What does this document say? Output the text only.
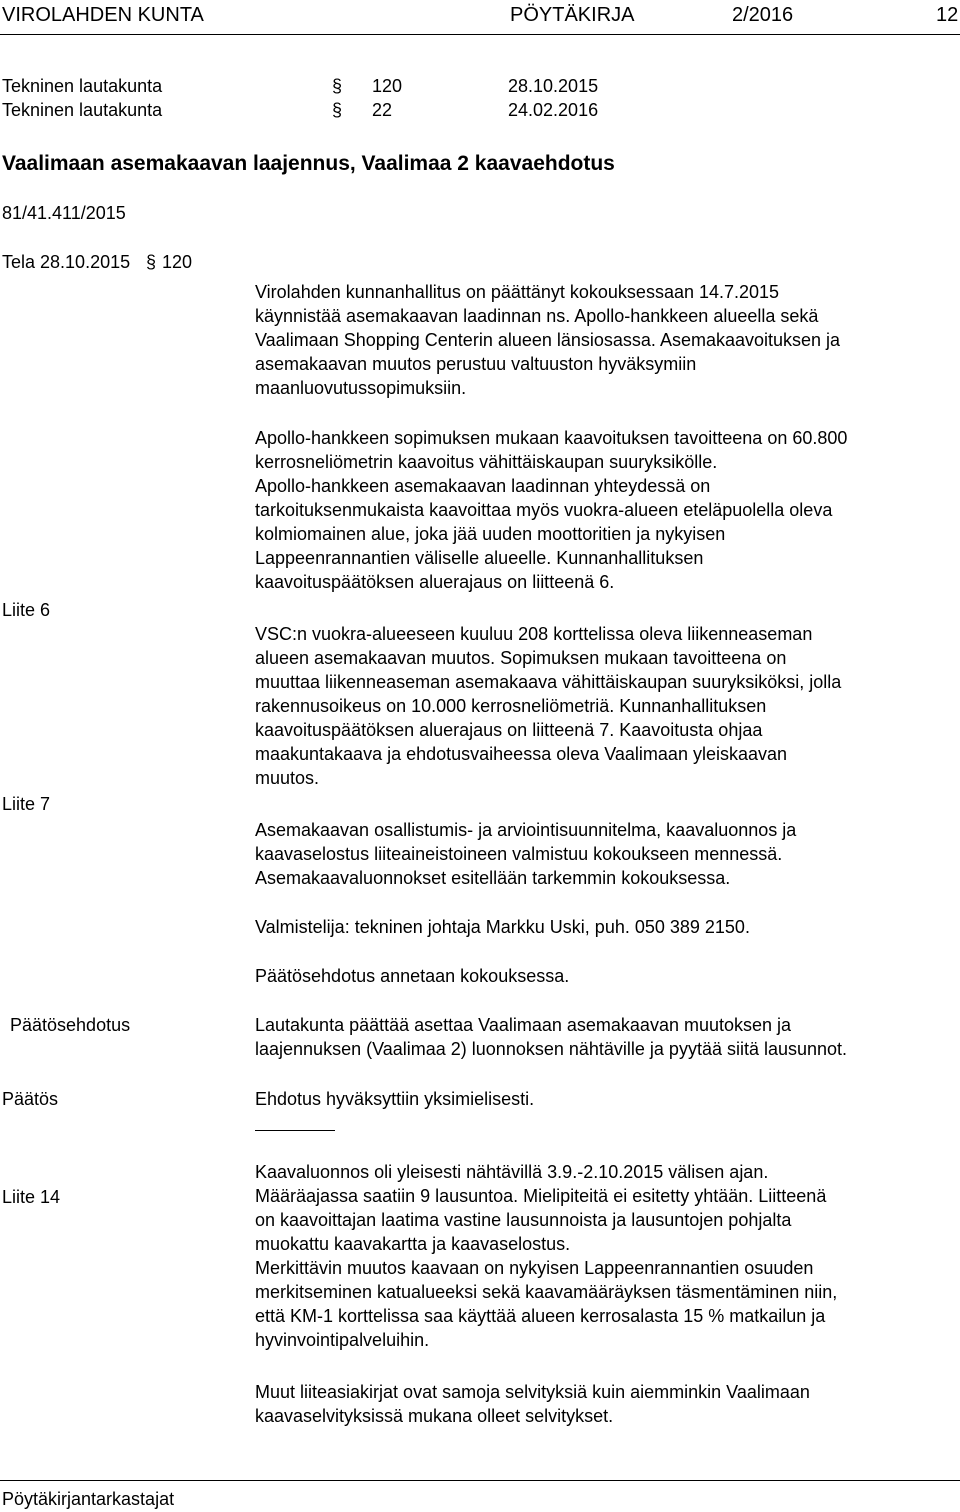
VIROLAHDEN KUNTA	PÖYTÄKIRJA	2/2016	12
Tekninen lautakunta	§ 120	28.10.2015
Tekninen lautakunta	§ 22	24.02.2016
Vaalimaan asemakaavan laajennus, Vaalimaa 2 kaavaehdotus
81/41.411/2015
Tela 28.10.2015 § 120
Virolahden kunnanhallitus on päättänyt kokouksessaan 14.7.2015
käynnistää asemakaavan laadinnan ns. Apollo-hankkeen alueella sekä
Vaalimaan Shopping Centerin alueen länsiosassa. Asemakaavoituksen ja
asemakaavan muutos perustuu valtuuston hyväksymiin
maanluovutussopimuksiin.
Apollo-hankkeen sopimuksen mukaan kaavoituksen tavoitteena on 60.800
kerrosneliömetrin kaavoitus vähittäiskaupan suuryksikölle.
Apollo-hankkeen asemakaavan laadinnan yhteydessä on
tarkoituksenmukaista kaavoittaa myös vuokra-alueen eteläpuolella oleva
kolmiomainen alue, joka jää uuden moottoritien ja nykyisen
Lappeenrannantien väliselle alueelle. Kunnanhallituksen
kaavoituspäätöksen aluerajaus on liitteenä 6.
Liite 6
VSC:n vuokra-alueeseen kuuluu 208 korttelissa oleva liikenneaseman
alueen asemakaavan muutos. Sopimuksen mukaan tavoitteena on
muuttaa liikenneaseman asemakaava vähittäiskaupan suuryksiköksi, jolla
rakennusoikeus on 10.000 kerrosneliömetriä. Kunnanhallituksen
kaavoituspäätöksen aluerajaus on liitteenä 7. Kaavoitusta ohjaa
maakuntakaava ja ehdotusvaiheessa oleva Vaalimaan yleiskaavan
muutos.
Liite 7
Asemakaavan osallistumis- ja arviointisuunnitelma, kaavaluonnos ja
kaavaselostus liiteaineistoineen valmistuu kokoukseen mennessä.
Asemakaavaluonnokset esitellään tarkemmin kokouksessa.
Valmistelija: tekninen johtaja Markku Uski, puh. 050 389 2150.
Päätösehdotus annetaan kokouksessa.
Päätösehdotus	Lautakunta päättää asettaa Vaalimaan asemakaavan muutoksen ja
laajennuksen (Vaalimaa 2) luonnoksen nähtäville ja pyytää siitä lausunnot.
Päätös	Ehdotus hyväksyttiin yksimielisesti.
Kaavaluonnos oli yleisesti nähtävillä 3.9.-2.10.2015 välisen ajan.
Määräajassa saatiin 9 lausuntoa. Mielipiteitä ei esitetty yhtään. Liitteenä
on kaavoittajan laatima vastine lausunnoista ja lausuntojen pohjalta
muokattu kaavakartta ja kaavaselostus.
Merkittävin muutos kaavaan on nykyisen Lappeenrannantien osuuden
merkitseminen katualueeksi sekä kaavamääräyksen täsmentäminen niin,
että KM-1 korttelissa saa käyttää alueen kerrosalasta 15 % matkailun ja
hyvinvointipalveluihin.
Liite 14
Muut liiteasiakirjat ovat samoja selvityksiä kuin aiemminkin Vaalimaan
kaavaselvityksissä mukana olleet selvitykset.
Pöytäkirjantarkastajat
